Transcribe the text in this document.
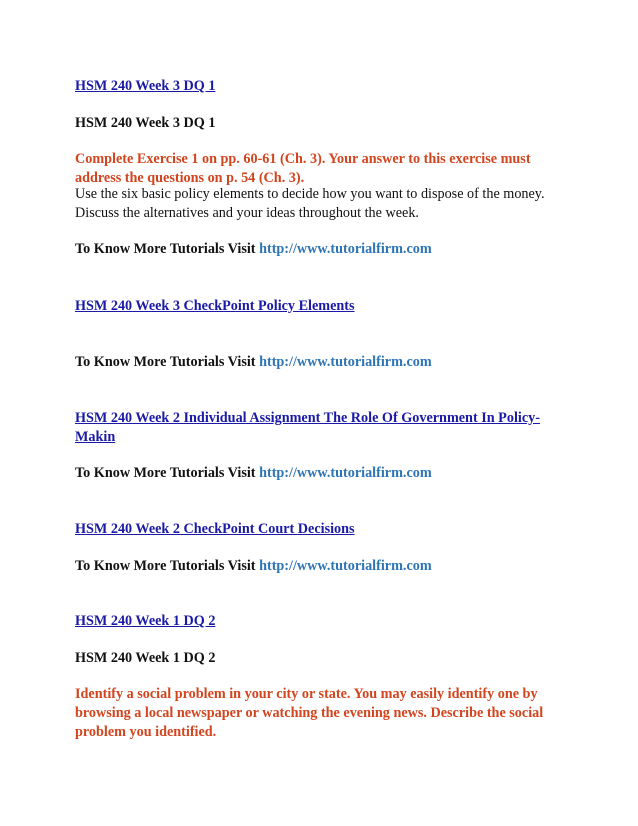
HSM 240 Week 3 DQ 1
HSM 240 Week 3 DQ 1
Complete Exercise 1 on pp. 60-61 (Ch. 3). Your answer to this exercise must address the questions on p. 54 (Ch. 3).
Use the six basic policy elements to decide how you want to dispose of the money. Discuss the alternatives and your ideas throughout the week.
To Know More Tutorials Visit http://www.tutorialfirm.com
HSM 240 Week 3 CheckPoint Policy Elements
To Know More Tutorials Visit http://www.tutorialfirm.com
HSM 240 Week 2 Individual Assignment The Role Of Government In Policy-Makin
To Know More Tutorials Visit http://www.tutorialfirm.com
HSM 240 Week 2 CheckPoint Court Decisions
To Know More Tutorials Visit http://www.tutorialfirm.com
HSM 240 Week 1 DQ 2
HSM 240 Week 1 DQ 2
Identify a social problem in your city or state. You may easily identify one by browsing a local newspaper or watching the evening news. Describe the social problem you identified.
